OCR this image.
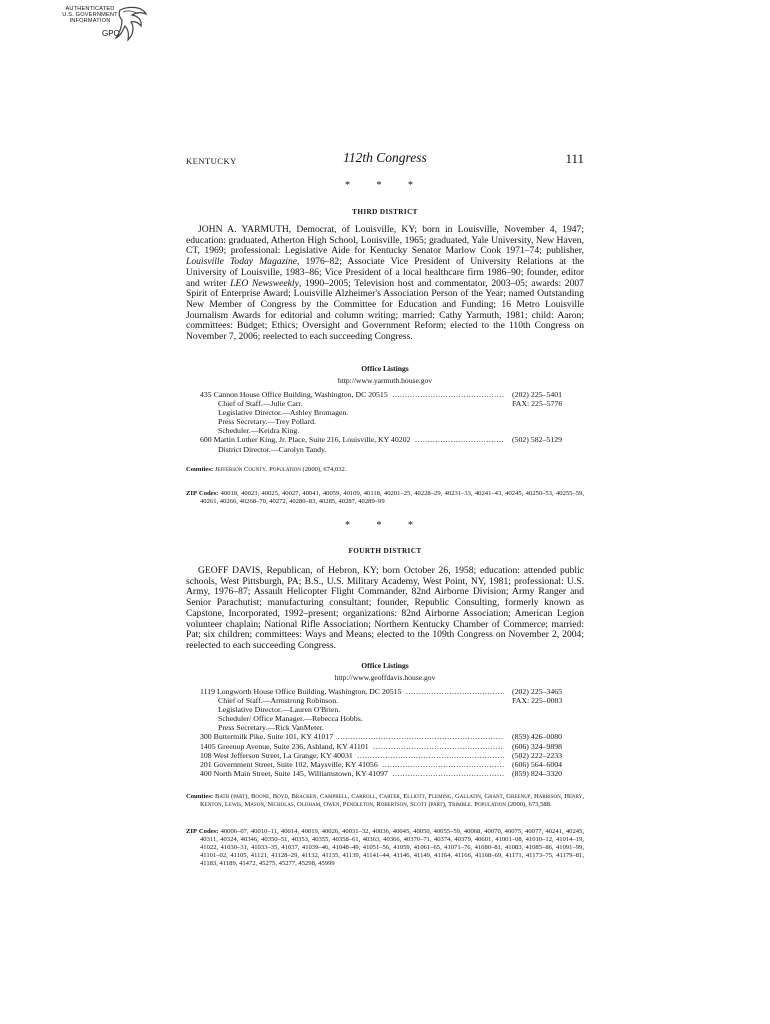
AUTHENTICATED
U.S. GOVERNMENT
INFORMATION
GPO
KENTUCKY	112th Congress	111
* * *
THIRD DISTRICT

JOHN A. YARMUTH, Democrat, of Louisville, KY; born in Louisville, November 4, 1947; education: graduated, Atherton High School, Louisville, 1965; graduated, Yale University, New Haven, CT, 1969; professional: Legislative Aide for Kentucky Senator Marlow Cook 1971–74; publisher, Louisville Today Magazine, 1976–82; Associate Vice President of University Relations at the University of Louisville, 1983–86; Vice President of a local healthcare firm 1986–90; founder, editor and writer LEO Newsweekly, 1990–2005; Television host and commentator, 2003–05; awards: 2007 Spirit of Enterprise Award; Louisville Alzheimer's Association Person of the Year; named Outstanding New Member of Congress by the Committee for Education and Funding; 16 Metro Louisville Journalism Awards for editorial and column writing; married: Cathy Yarmuth, 1981; child: Aaron; committees: Budget; Ethics; Oversight and Government Reform; elected to the 110th Congress on November 7, 2006; reelected to each succeeding Congress.

Office Listings
http://www.yarmuth.house.gov
435 Cannon House Office Building, Washington, DC 20515 .....	(202) 225–5401
Chief of Staff.—Julie Carr.	FAX: 225–5776
Legislative Director.—Ashley Bromagen.
Press Secretary.—Trey Pollard.
Scheduler.—Keidra King.
600 Martin Luther King, Jr. Place, Suite 216, Louisville, KY 40202 .....	(502) 582–5129
District Director.—Carolyn Tandy.

Counties: Jefferson County. Population (2000), 674,032.

ZIP Codes: 40018, 40023, 40025, 40027, 40041, 40059, 40109, 40118, 40201–25, 40228–29, 40231–33, 40241–43, 40245, 40250–53, 40255–59, 40261, 40266, 40268–70, 40272, 40280–83, 40285, 40287, 40289–99

* * *
FOURTH DISTRICT

GEOFF DAVIS, Republican, of Hebron, KY; born October 26, 1958; education: attended public schools, West Pittsburgh, PA; B.S., U.S. Military Academy, West Point, NY, 1981; professional: U.S. Army, 1976–87; Assault Helicopter Flight Commander, 82nd Airborne Division; Army Ranger and Senior Parachutist; manufacturing consultant; founder, Republic Consulting, formerly known as Capstone, Incorporated, 1992–present; organizations: 82nd Airborne Association; American Legion volunteer chaplain; National Rifle Association; Northern Kentucky Chamber of Commerce; married: Pat; six children; committees: Ways and Means; elected to the 109th Congress on November 2, 2004; reelected to each succeeding Congress.

Office Listings
http://www.geoffdavis.house.gov
1119 Longworth House Office Building, Washington, DC 20515 .....	(202) 225–3465
Chief of Staff.—Armstrong Robinson.	FAX: 225–0003
Legislative Director.—Lauren O'Brien.
Scheduler/ Office Manager.—Rebecca Hobbs.
Press Secretary.—Rick VanMeter.
300 Buttermilk Pike, Suite 101, KY 41017 .....	(859) 426–0080
1405 Greenup Avenue, Suite 236, Ashland, KY 41101 .....	(606) 324–9898
108 West Jefferson Street, La Grange, KY 40031 .....	(502) 222–2233
201 Government Street, Suite 102, Maysville, KY 41056 .....	(606) 564–6004
400 North Main Street, Suite 145, Williamstown, KY 41097 .....	(859) 824–3320

Counties: Bath (part), Boone, Boyd, Bracken, Campbell, Carroll, Carter, Elliott, Fleming, Gallatin, Grant, Greenup, Harrison, Henry, Kenton, Lewis, Mason, Nicholas, Oldham, Owen, Pendleton, Robertson, Scott (part), Trimble. Population (2000), 673,588.

ZIP Codes: 40006–07, 40010–11, 40014, 40019, 40026, 40031–32, 40036, 40045, 40050, 40055–59, 40068, 40070, 40075, 40077, 40241, 40245, 40311, 40324, 40346, 40350–51, 40353, 40355, 40358–61, 40363, 40366, 40370–71, 40374, 40379, 40601, 41001–08, 41010–12, 41014–19, 41022, 41030–31, 41033–35, 41037, 41039–46, 41048–49, 41051–56, 41059, 41061–65, 41071–76, 41080–81, 41083, 41085–86, 41091–99, 41101–02, 41105, 41121, 41128–29, 41132, 41135, 41139, 41141–44, 41146, 41149, 41164, 41166, 41168–69, 41171, 41173–75, 41179–81, 41183, 41189, 41472, 45275, 45277, 45298, 45999
